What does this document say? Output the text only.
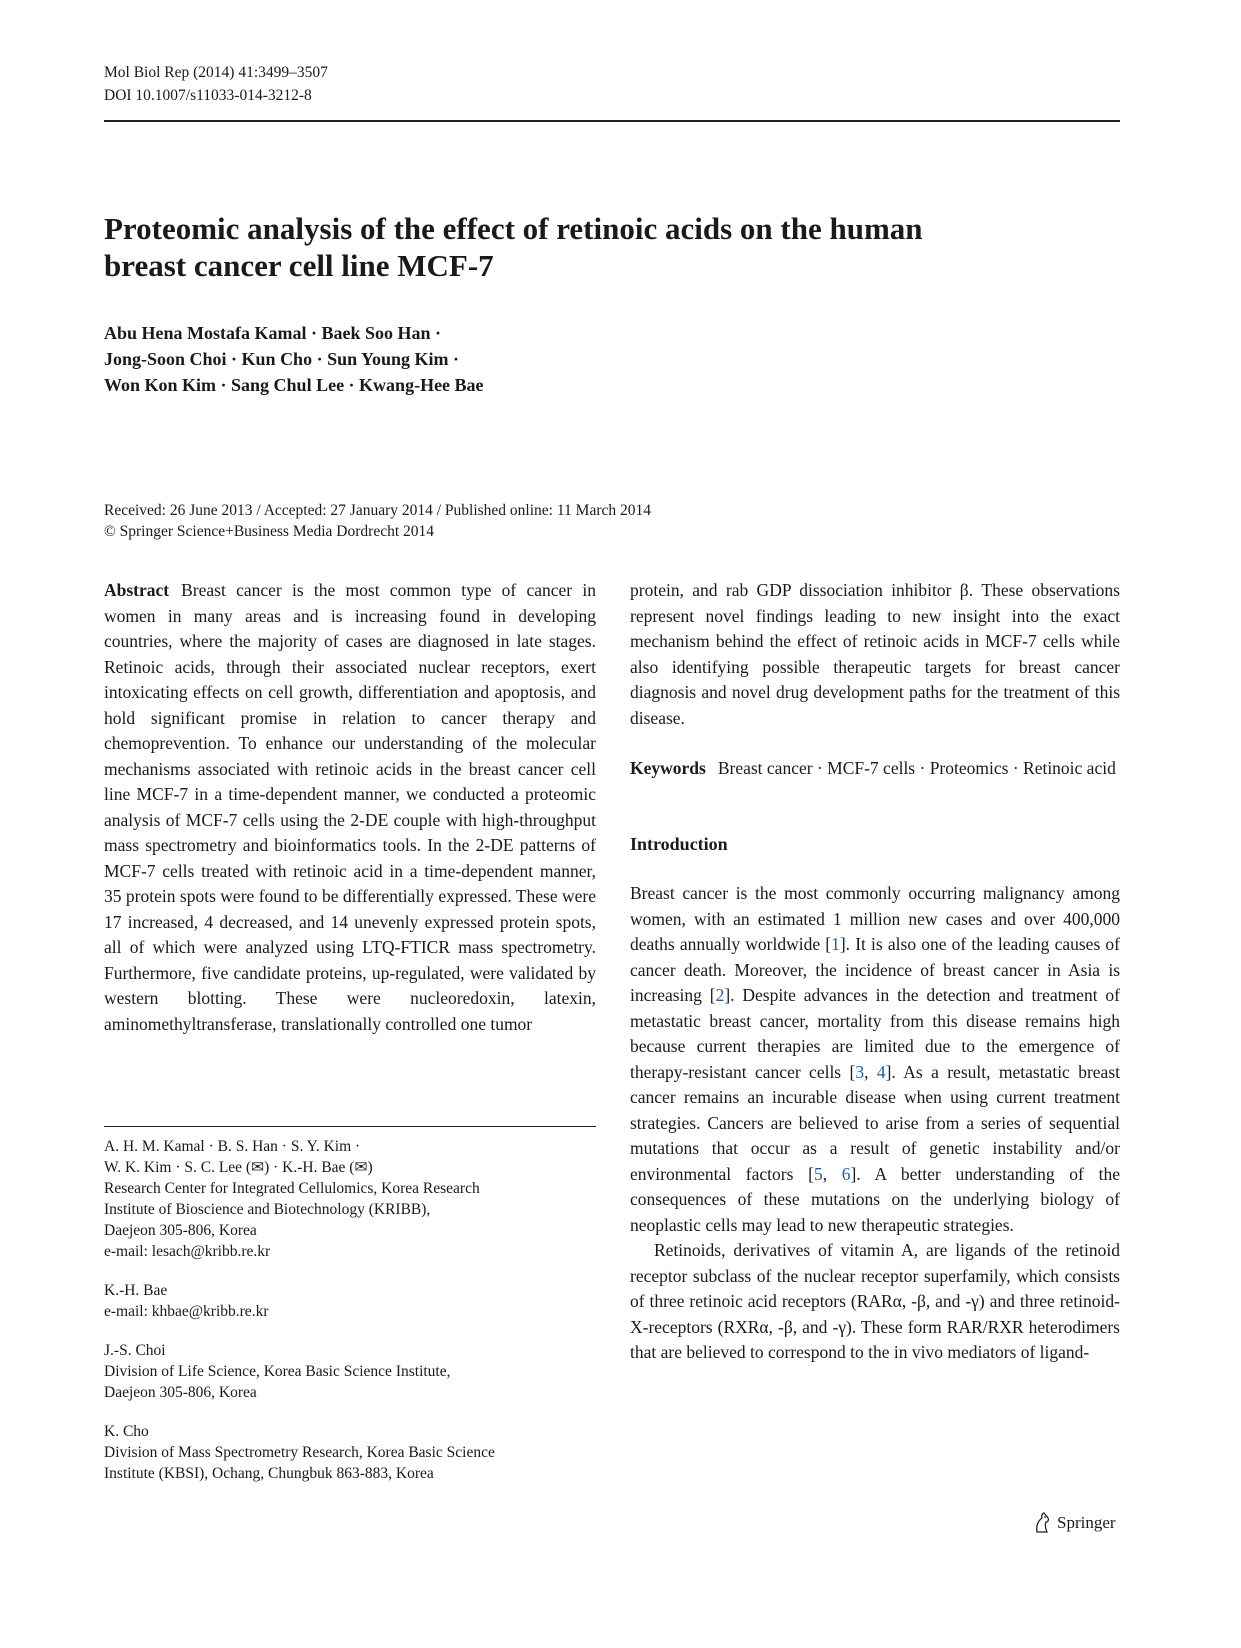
Mol Biol Rep (2014) 41:3499–3507
DOI 10.1007/s11033-014-3212-8
Proteomic analysis of the effect of retinoic acids on the human
breast cancer cell line MCF-7
Abu Hena Mostafa Kamal · Baek Soo Han ·
Jong-Soon Choi · Kun Cho · Sun Young Kim ·
Won Kon Kim · Sang Chul Lee · Kwang-Hee Bae
Received: 26 June 2013 / Accepted: 27 January 2014 / Published online: 11 March 2014
© Springer Science+Business Media Dordrecht 2014

Abstract Breast cancer is the most common type of cancer in women in many areas and is increasing found in developing countries, where the majority of cases are diagnosed in late stages. Retinoic acids, through their associated nuclear receptors, exert intoxicating effects on cell growth, differentiation and apoptosis, and hold significant promise in relation to cancer therapy and chemoprevention. To enhance our understanding of the molecular mechanisms associated with retinoic acids in the breast cancer cell line MCF-7 in a time-dependent manner, we conducted a proteomic analysis of MCF-7 cells using the 2-DE couple with high-throughput mass spectrometry and bioinformatics tools. In the 2-DE patterns of MCF-7 cells treated with retinoic acid in a time-dependent manner, 35 protein spots were found to be differentially expressed. These were 17 increased, 4 decreased, and 14 unevenly expressed protein spots, all of which were analyzed using LTQ-FTICR mass spectrometry. Furthermore, five candidate proteins, up-regulated, were validated by western blotting. These were nucleoredoxin, latexin, aminomethyltransferase, translationally controlled one tumor

A. H. M. Kamal · B. S. Han · S. Y. Kim ·
W. K. Kim · S. C. Lee (✉) · K.-H. Bae (✉)
Research Center for Integrated Cellulomics, Korea Research
Institute of Bioscience and Biotechnology (KRIBB),
Daejeon 305-806, Korea
e-mail: lesach@kribb.re.kr
K.-H. Bae
e-mail: khbae@kribb.re.kr
J.-S. Choi
Division of Life Science, Korea Basic Science Institute,
Daejeon 305-806, Korea
K. Cho
Division of Mass Spectrometry Research, Korea Basic Science
Institute (KBSI), Ochang, Chungbuk 863-883, Korea

protein, and rab GDP dissociation inhibitor β. These observations represent novel findings leading to new insight into the exact mechanism behind the effect of retinoic acids in MCF-7 cells while also identifying possible therapeutic targets for breast cancer diagnosis and novel drug development paths for the treatment of this disease.

Keywords Breast cancer · MCF-7 cells · Proteomics · Retinoic acid

Introduction

Breast cancer is the most commonly occurring malignancy among women, with an estimated 1 million new cases and over 400,000 deaths annually worldwide [1]. It is also one of the leading causes of cancer death. Moreover, the incidence of breast cancer in Asia is increasing [2]. Despite advances in the detection and treatment of metastatic breast cancer, mortality from this disease remains high because current therapies are limited due to the emergence of therapy-resistant cancer cells [3, 4]. As a result, metastatic breast cancer remains an incurable disease when using current treatment strategies. Cancers are believed to arise from a series of sequential mutations that occur as a result of genetic instability and/or environmental factors [5, 6]. A better understanding of the consequences of these mutations on the underlying biology of neoplastic cells may lead to new therapeutic strategies.

Retinoids, derivatives of vitamin A, are ligands of the retinoid receptor subclass of the nuclear receptor superfamily, which consists of three retinoic acid receptors (RARα, -β, and -γ) and three retinoid-X-receptors (RXRα, -β, and -γ). These form RAR/RXR heterodimers that are believed to correspond to the in vivo mediators of ligand-

Springer
